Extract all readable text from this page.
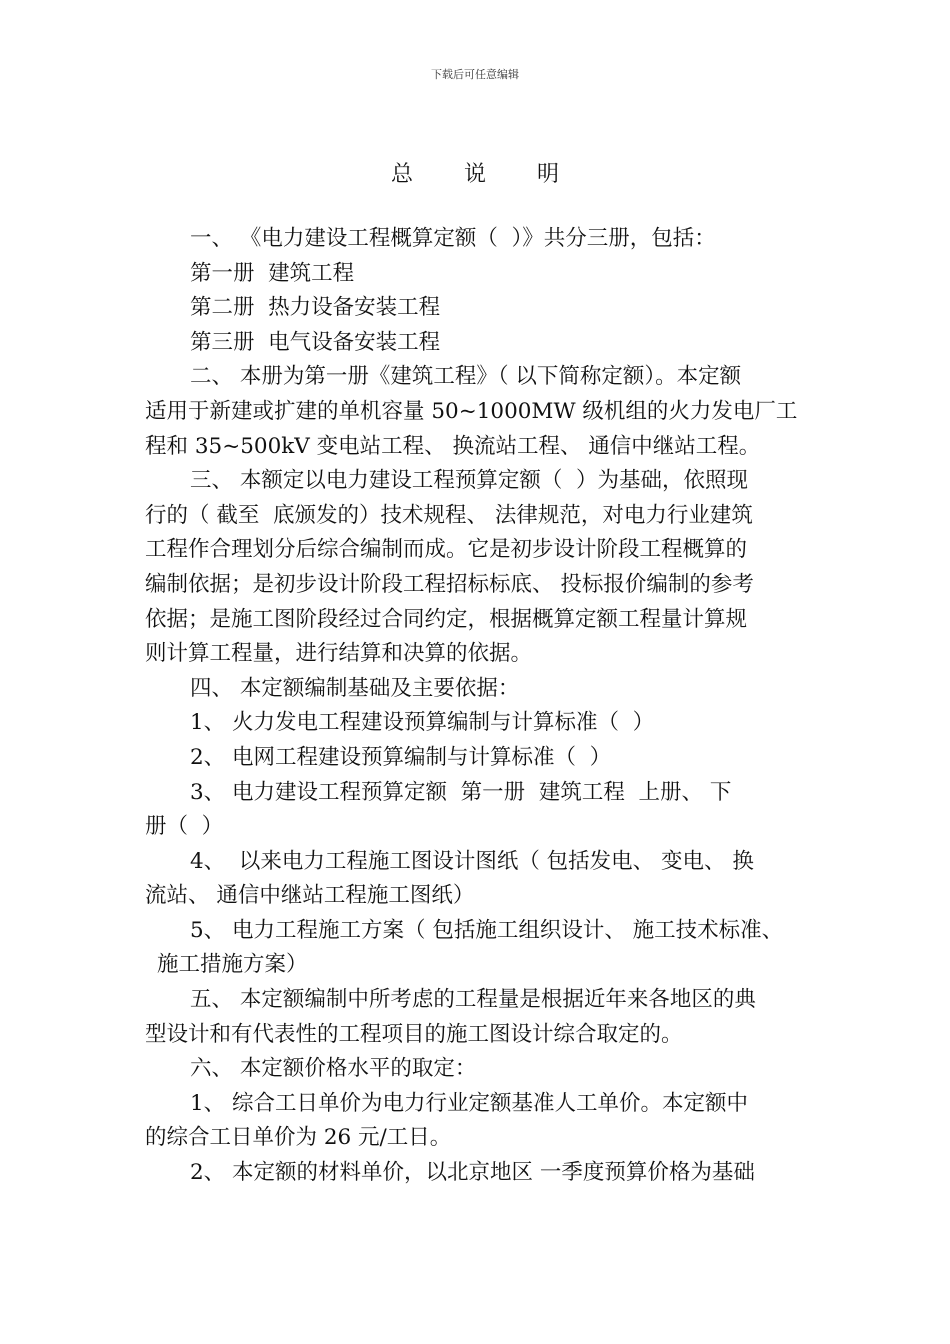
下载后可任意编辑
总 说 明
一、 《电力建设工程概算定额（  ）》共分三册，包括：
第一册  建筑工程
第二册  热力设备安装工程
第三册  电气设备安装工程
二、 本册为第一册《建筑工程》（ 以下简称定额）。本定额
适用于新建或扩建的单机容量 50~1000MW 级机组的火力发电厂工
程和 35~500kV 变电站工程、 换流站工程、 通信中继站工程。
三、 本额定以电力建设工程预算定额（  ）为基础，依照现
行的（ 截至  底颁发的）技术规程、 法律规范，对电力行业建筑
工程作合理划分后综合编制而成。它是初步设计阶段工程概算的
编制依据；是初步设计阶段工程招标标底、 投标报价编制的参考
依据；是施工图阶段经过合同约定，根据概算定额工程量计算规
则计算工程量，进行结算和决算的依据。
四、 本定额编制基础及主要依据：
1、 火力发电工程建设预算编制与计算标准（  ）
2、 电网工程建设预算编制与计算标准（  ）
3、 电力建设工程预算定额  第一册  建筑工程  上册、 下
册（  ）
4、  以来电力工程施工图设计图纸（ 包括发电、 变电、 换
流站、 通信中继站工程施工图纸）
5、 电力工程施工方案（ 包括施工组织设计、 施工技术标准、
施工措施方案）
五、 本定额编制中所考虑的工程量是根据近年来各地区的典
型设计和有代表性的工程项目的施工图设计综合取定的。
六、 本定额价格水平的取定：
1、 综合工日单价为电力行业定额基准人工单价。本定额中
的综合工日单价为 26 元/工日。
2、 本定额的材料单价，以北京地区 一季度预算价格为基础
